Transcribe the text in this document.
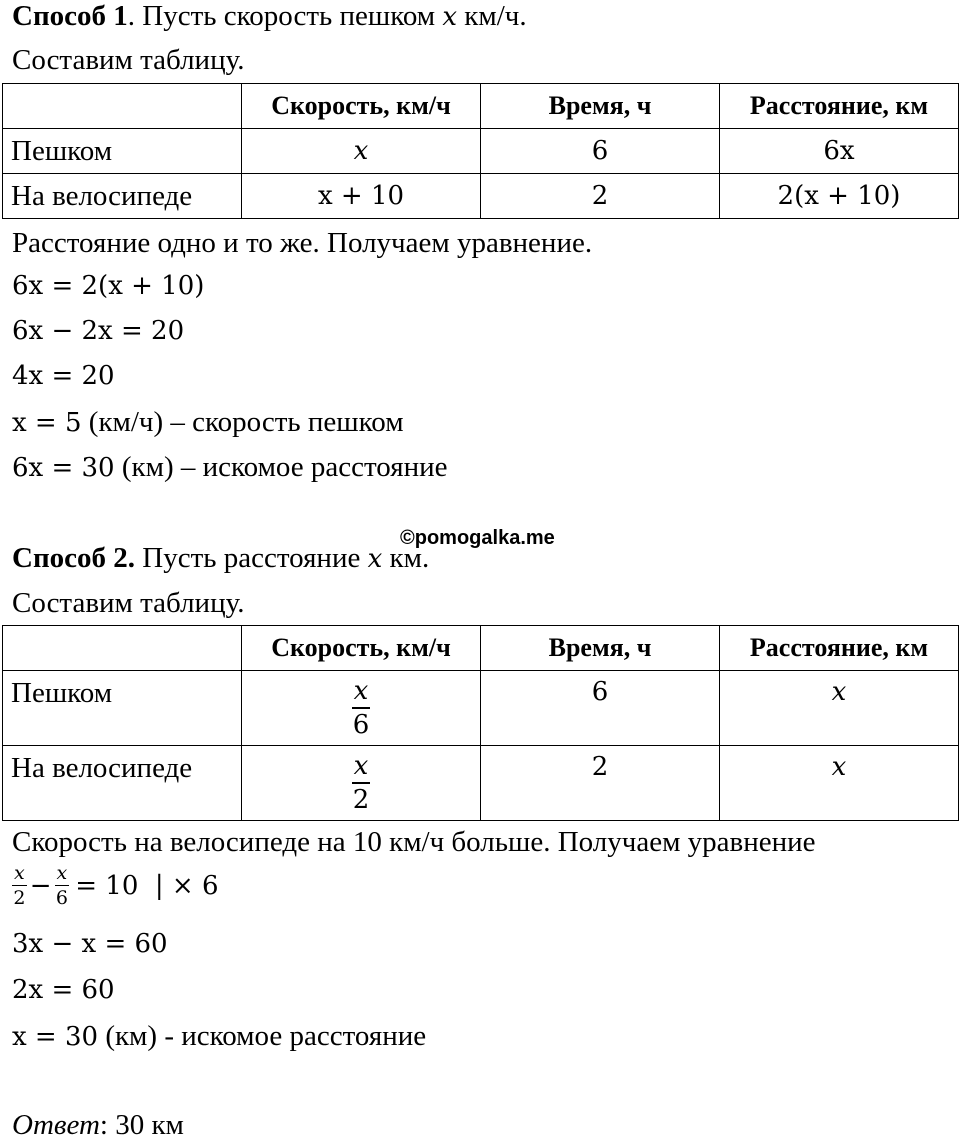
Способ 1. Пусть скорость пешком x км/ч.
Составим таблицу.
	Скорость, км/ч	Время, ч	Расстояние, км
Пешком	x	6	6x
На велосипеде	x + 10	2	2(x + 10)
Расстояние одно и то же. Получаем уравнение.
6x = 2(x + 10)
6x − 2x = 20
4x = 20
x = 5 (км/ч) – скорость пешком
6x = 30 (км) – искомое расстояние
©pomogalka.me
Способ 2. Пусть расстояние x км.
Составим таблицу.
	Скорость, км/ч	Время, ч	Расстояние, км
Пешком	$\frac{x}{6}$	6	x
На велосипеде	$\frac{x}{2}$	2	x
Скорость на велосипеде на 10 км/ч больше. Получаем уравнение
$\frac{x}{2} - \frac{x}{6} = 10$  | × 6
3x − x = 60
2x = 60
x = 30 (км) - искомое расстояние
Ответ: 30 км
